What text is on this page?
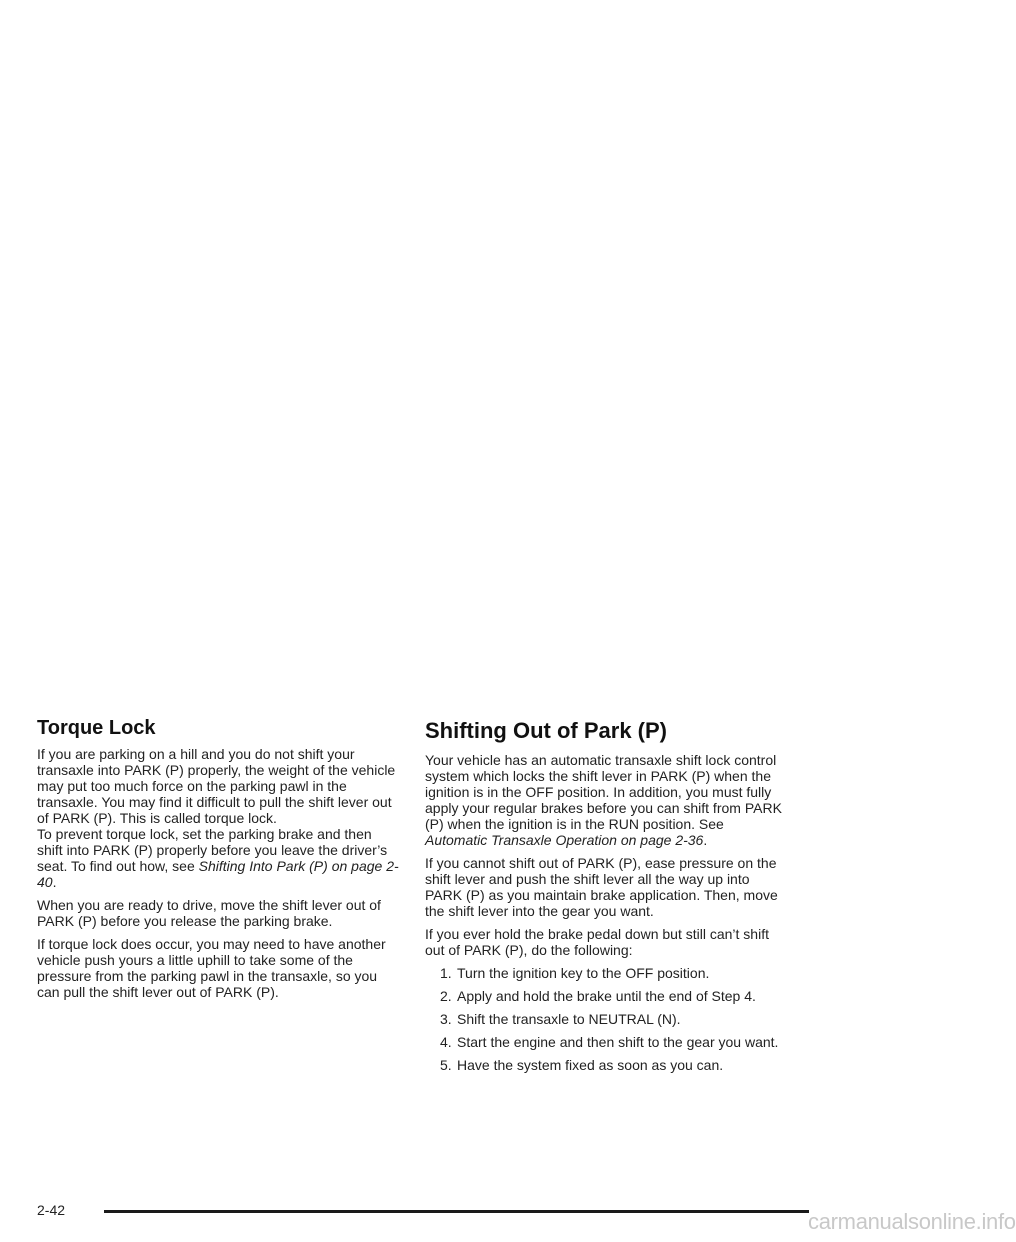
Torque Lock

If you are parking on a hill and you do not shift your transaxle into PARK (P) properly, the weight of the vehicle may put too much force on the parking pawl in the transaxle. You may find it difficult to pull the shift lever out of PARK (P). This is called torque lock.

To prevent torque lock, set the parking brake and then shift into PARK (P) properly before you leave the driver’s seat. To find out how, see Shifting Into Park (P) on page 2-40.

When you are ready to drive, move the shift lever out of PARK (P) before you release the parking brake.

If torque lock does occur, you may need to have another vehicle push yours a little uphill to take some of the pressure from the parking pawl in the transaxle, so you can pull the shift lever out of PARK (P).

Shifting Out of Park (P)

Your vehicle has an automatic transaxle shift lock control system which locks the shift lever in PARK (P) when the ignition is in the OFF position. In addition, you must fully apply your regular brakes before you can shift from PARK (P) when the ignition is in the RUN position. See Automatic Transaxle Operation on page 2-36.

If you cannot shift out of PARK (P), ease pressure on the shift lever and push the shift lever all the way up into PARK (P) as you maintain brake application. Then, move the shift lever into the gear you want.

If you ever hold the brake pedal down but still can’t shift out of PARK (P), do the following:

1. Turn the ignition key to the OFF position.
2. Apply and hold the brake until the end of Step 4.
3. Shift the transaxle to NEUTRAL (N).
4. Start the engine and then shift to the gear you want.
5. Have the system fixed as soon as you can.
2-42	carmanualsonline.info
